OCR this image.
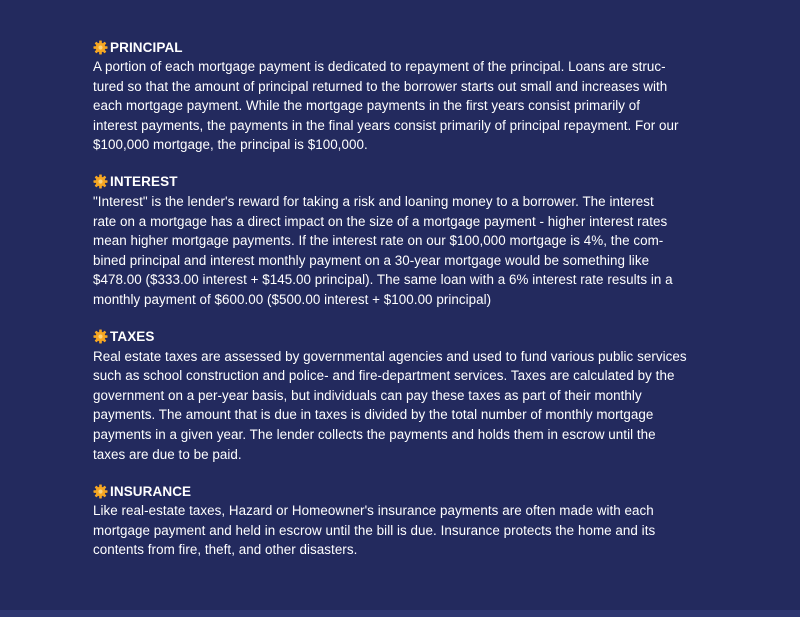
PRINCIPAL

A portion of each mortgage payment is dedicated to repayment of the principal. Loans are struc-
tured so that the amount of principal returned to the borrower starts out small and increases with
each mortgage payment. While the mortgage payments in the first years consist primarily of
interest payments, the payments in the final years consist primarily of principal repayment. For our
$100,000 mortgage, the principal is $100,000.

INTEREST

"Interest" is the lender's reward for taking a risk and loaning money to a borrower. The interest
rate on a mortgage has a direct impact on the size of a mortgage payment - higher interest rates
mean higher mortgage payments. If the interest rate on our $100,000 mortgage is 4%, the com-
bined principal and interest monthly payment on a 30-year mortgage would be something like
$478.00 ($333.00 interest + $145.00 principal). The same loan with a 6% interest rate results in a
monthly payment of $600.00 ($500.00 interest + $100.00 principal)

TAXES

Real estate taxes are assessed by governmental agencies and used to fund various public services
such as school construction and police- and fire-department services. Taxes are calculated by the
government on a per-year basis, but individuals can pay these taxes as part of their monthly
payments. The amount that is due in taxes is divided by the total number of monthly mortgage
payments in a given year. The lender collects the payments and holds them in escrow until the
taxes are due to be paid.

INSURANCE

Like real-estate taxes, Hazard or Homeowner's insurance payments are often made with each
mortgage payment and held in escrow until the bill is due. Insurance protects the home and its
contents from fire, theft, and other disasters.
